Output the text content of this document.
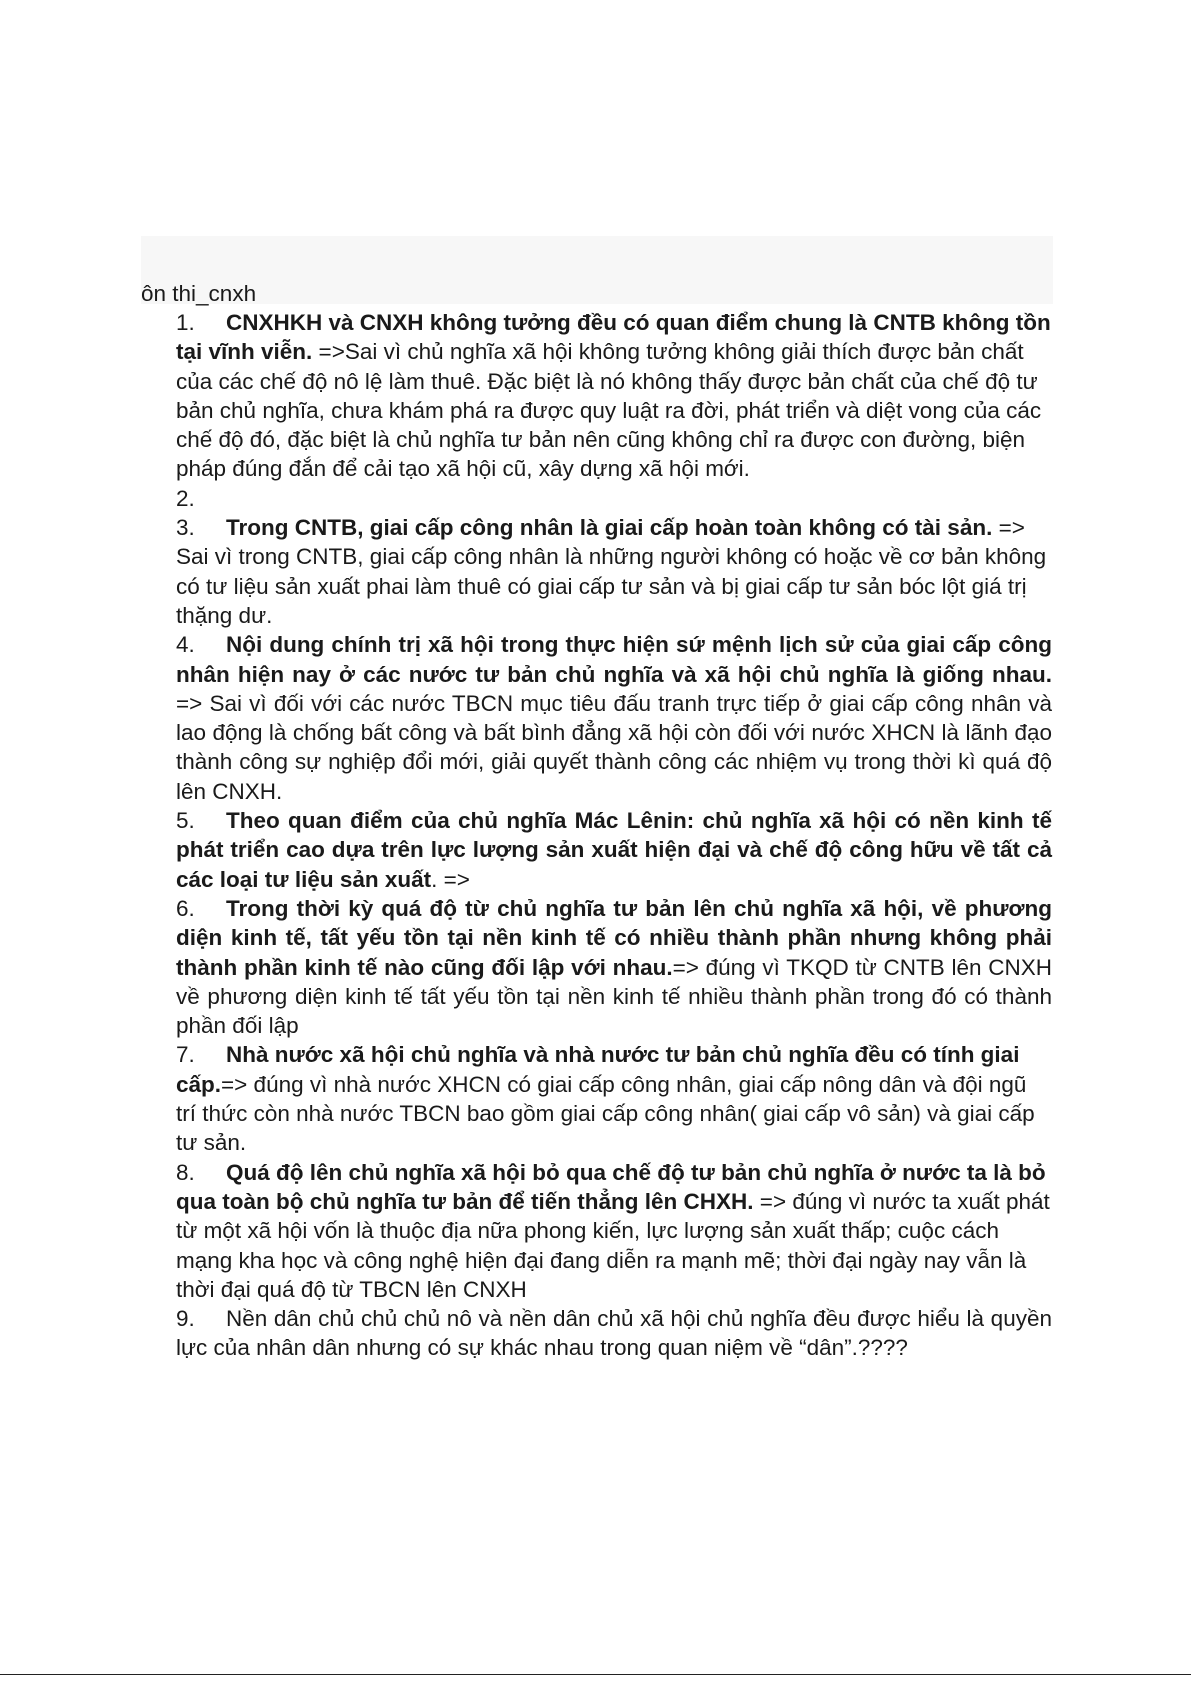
ôn thi_cnxh
1.	CNXHKH và CNXH không tưởng đều có quan điểm chung là CNTB không tồn tại vĩnh viễn. =>Sai vì chủ nghĩa xã hội không tưởng không giải thích được bản chất của các chế độ nô lệ làm thuê. Đặc biệt là nó không thấy được bản chất của chế độ tư bản chủ nghĩa, chưa khám phá ra được quy luật ra đời, phát triển và diệt vong của các chế độ đó, đặc biệt là chủ nghĩa tư bản nên cũng không chỉ ra được con đường, biện pháp đúng đắn để cải tạo xã hội cũ, xây dựng xã hội mới.
2.
3.	Trong CNTB, giai cấp công nhân là giai cấp hoàn toàn không có tài sản. => Sai vì trong CNTB, giai cấp công nhân là những người không có hoặc về cơ bản không có tư liệu sản xuất phai làm thuê có giai cấp tư sản và bị giai cấp tư sản bóc lột giá trị thặng dư.
4.	Nội dung chính trị xã hội trong thực hiện sứ mệnh lịch sử của giai cấp công nhân hiện nay ở các nước tư bản chủ nghĩa và xã hội chủ nghĩa là giống nhau. => Sai vì đối với các nước TBCN mục tiêu đấu tranh trực tiếp ở giai cấp công nhân và lao động là chống bất công và bất bình đẳng xã hội còn đối với nước XHCN là lãnh đạo thành công sự nghiệp đổi mới, giải quyết thành công các nhiệm vụ trong thời kì quá độ lên CNXH.
5.	Theo quan điểm của chủ nghĩa Mác Lênin: chủ nghĩa xã hội có nền kinh tế phát triển cao dựa trên lực lượng sản xuất hiện đại và chế độ công hữu về tất cả các loại tư liệu sản xuất. =>
6.	Trong thời kỳ quá độ từ chủ nghĩa tư bản lên chủ nghĩa xã hội, về phương diện kinh tế, tất yếu tồn tại nền kinh tế có nhiều thành phần nhưng không phải thành phần kinh tế nào cũng đối lập với nhau.=> đúng vì TKQD từ CNTB lên CNXH về phương diện kinh tế tất yếu tồn tại nền kinh tế nhiều thành phần trong đó có thành phần đối lập
7.	Nhà nước xã hội chủ nghĩa và nhà nước tư bản chủ nghĩa đều có tính giai cấp.=> đúng vì nhà nước XHCN có giai cấp công nhân, giai cấp nông dân và đội ngũ trí thức còn nhà nước TBCN bao gồm giai cấp công nhân( giai cấp vô sản) và giai cấp tư sản.
8.	Quá độ lên chủ nghĩa xã hội bỏ qua chế độ tư bản chủ nghĩa ở nước ta là bỏ qua toàn bộ chủ nghĩa tư bản để tiến thẳng lên CHXH. => đúng vì nước ta xuất phát từ một xã hội vốn là thuộc địa nữa phong kiến, lực lượng sản xuất thấp; cuộc cách mạng kha học và công nghệ hiện đại đang diễn ra mạnh mẽ; thời đại ngày nay vẫn là thời đại quá độ từ TBCN lên CNXH
9.	Nền dân chủ chủ chủ nô và nền dân chủ xã hội chủ nghĩa đều được hiểu là quyền lực của nhân dân nhưng có sự khác nhau trong quan niệm về “dân”.????
